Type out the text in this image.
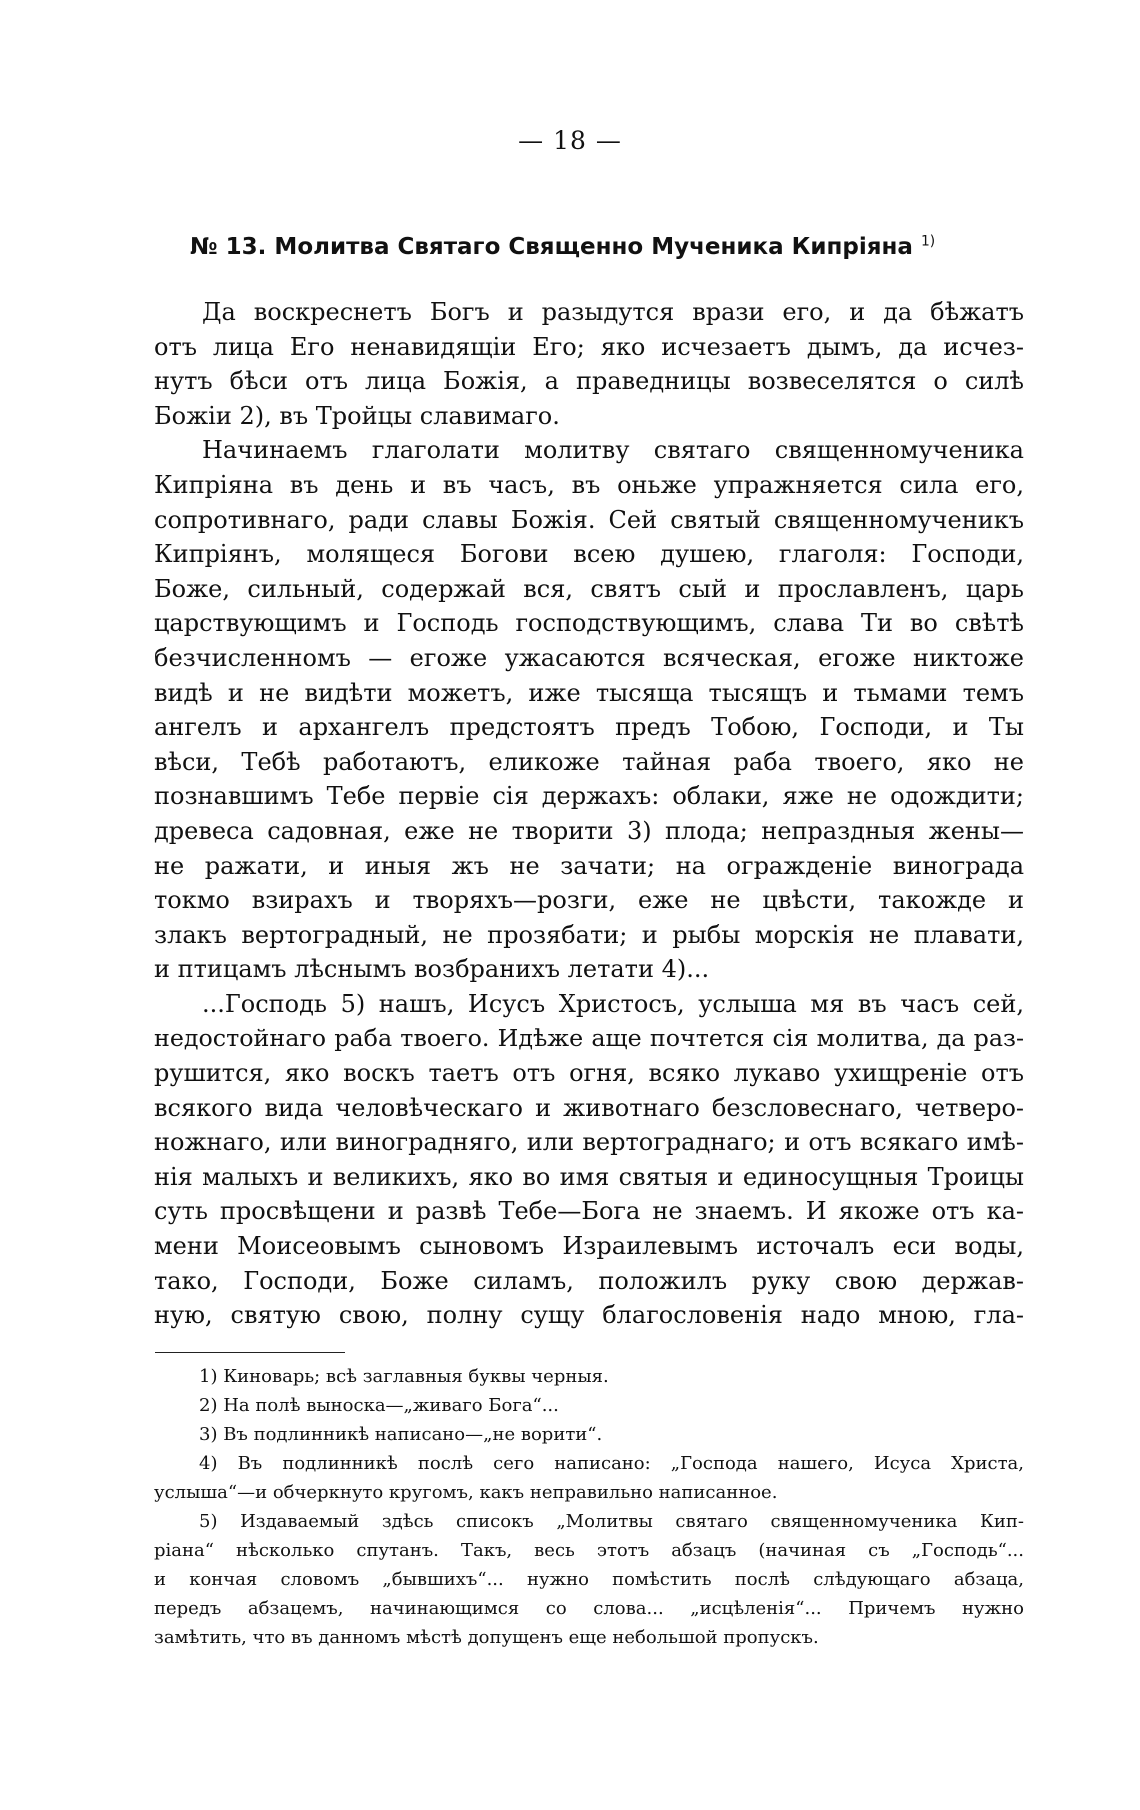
— 18 —
№ 13. Молитва Святаго Священно Мученика Кипріяна $^{1)}$
Да воскреснетъ Богъ и разыдутся врази его, и да бѣжатъ
отъ лица Его ненавидящіи Его; яко исчезаетъ дымъ, да исчез-
нутъ бѣси отъ лица Божія, а праведницы возвеселятся о силѣ
Божіи 2), въ Тройцы славимаго.
Начинаемъ глаголати молитву святаго священномученика
Кипріяна въ день и въ часъ, въ оньже упражняется сила его,
сопротивнаго, ради славы Божія. Сей святый священномученикъ
Кипріянъ, молящеся Богови всею душею, глаголя: Господи,
Боже, сильный, содержай вся, святъ сый и прославленъ, царь
царствующимъ и Господь господствующимъ, слава Ти во свѣтѣ
безчисленномъ — егоже ужасаются всяческая, егоже никтоже
видѣ и не видѣти можетъ, иже тысяща тысящъ и тьмами темъ
ангелъ и архангелъ предстоятъ предъ Тобою, Господи, и Ты
вѣси, Тебѣ работаютъ, еликоже тайная раба твоего, яко не
познавшимъ Тебе первіе сія держахъ: облаки, яже не одождити;
древеса садовная, еже не творити 3) плода; непраздныя жены—
не ражати, и иныя жъ не зачати; на огражденіе винограда
токмо взирахъ и творяхъ—розги, еже не цвѣсти, такожде и
злакъ вертоградный, не прозябати; и рыбы морскія не плавати,
и птицамъ лѣснымъ возбранихъ летати 4)...
...Господь 5) нашъ, Исусъ Христосъ, услыша мя въ часъ сей,
недостойнаго раба твоего. Идѣже аще почтется сія молитва, да раз-
рушится, яко воскъ таетъ отъ огня, всяко лукаво ухищреніе отъ
всякого вида человѣческаго и животнаго безсловеснаго, четверо-
ножнаго, или виноградняго, или вертограднаго; и отъ всякаго имѣ-
нія малыхъ и великихъ, яко во имя святыя и единосущныя Троицы
суть просвѣщени и развѣ Тебе—Бога не знаемъ. И якоже отъ ка-
мени Моисеовымъ сыновомъ Израилевымъ источалъ еси воды,
тако, Господи, Боже силамъ, положилъ руку свою держав-
ную, святую свою, полну сущу благословенія надо мною, гла-
1) Киноварь; всѣ заглавныя буквы черныя.
2) На полѣ выноска—„живаго Бога“...
3) Въ подлинникѣ написано—„не ворити“.
4) Въ подлинникѣ послѣ сего написано: „Господа нашего, Исуса Христа,
услыша“—и обчеркнуто кругомъ, какъ неправильно написанное.
5) Издаваемый здѣсь списокъ „Молитвы святаго священномученика Кип-
ріана“ нѣсколько спутанъ. Такъ, весь этотъ абзацъ (начиная съ „Господь“...
и кончая словомъ „бывшихъ“... нужно помѣстить послѣ слѣдующаго абзаца,
передъ абзацемъ, начинающимся со слова... „исцѣленія“... Причемъ нужно
замѣтить, что въ данномъ мѣстѣ допущенъ еще небольшой пропускъ.
